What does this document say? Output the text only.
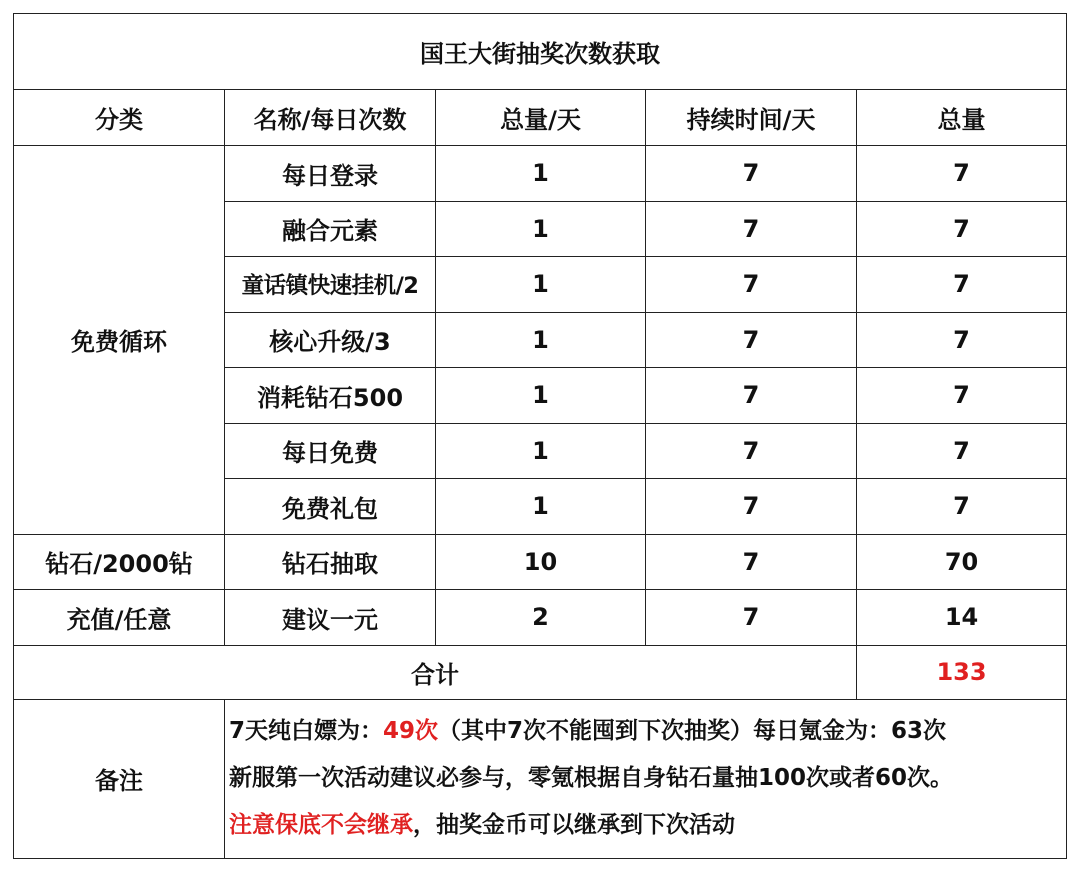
国王大街抽奖次数获取				
分类	名称/每日次数	总量/天	持续时间/天	总量
免费循环	每日登录	1	7	7
	融合元素	1	7	7
	童话镇快速挂机/2	1	7	7
	核心升级/3	1	7	7
	消耗钻石500	1	7	7
	每日免费	1	7	7
	免费礼包	1	7	7
钻石/2000钻	钻石抽取	10	7	70
充值/任意	建议一元	2	7	14
合计				133
备注	7天纯白嫖为：49次（其中7次不能囤到下次抽奖）每日氪金为：63次
新服第一次活动建议必参与，零氪根据自身钻石量抽100次或者60次。
注意保底不会继承，抽奖金币可以继承到下次活动			
